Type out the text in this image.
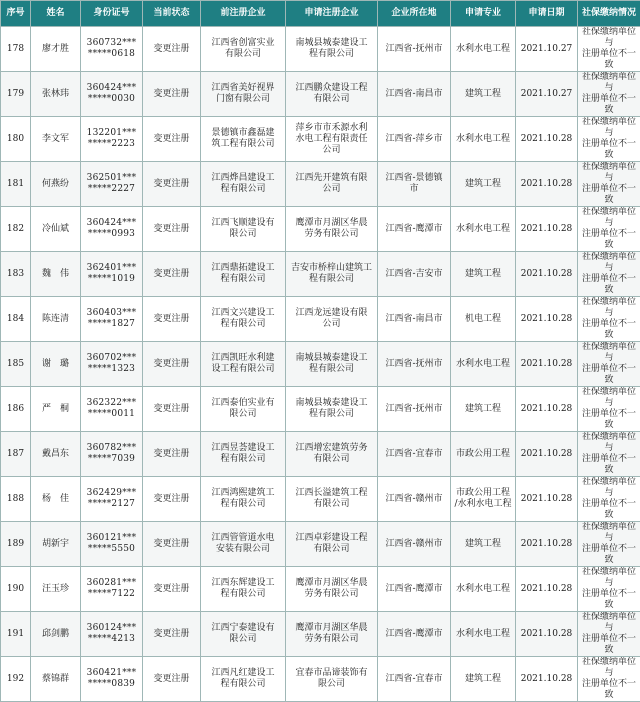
序号	姓名	身份证号	当前状态	前注册企业	申请注册企业	企业所在地	申请专业	申请日期	社保缴纳情况
178	廖才胜	360732***
*****0618	变更注册	江西省创富实业
有限公司	南城县城泰建设工
程有限公司	江西省-抚州市	水利水电工程	2021.10.27	社保缴纳单位与
注册单位不一致
179	张林玮	360424***
*****0030	变更注册	江西省美好视界
门窗有限公司	江西鹏众建设工程
有限公司	江西省-南昌市	建筑工程	2021.10.27	社保缴纳单位与
注册单位不一致
180	李文军	132201***
*****2223	变更注册	景德镇市鑫磊建
筑工程有限公司	萍乡市市禾源水利
水电工程有限责任
公司	江西省-萍乡市	水利水电工程	2021.10.28	社保缴纳单位与
注册单位不一致
181	何燕纷	362501***
*****2227	变更注册	江西烨昌建设工
程有限公司	江西先开建筑有限
公司	江西省-景德镇
市	建筑工程	2021.10.28	社保缴纳单位与
注册单位不一致
182	冷仙斌	360424***
*****0993	变更注册	江西飞顺建设有
限公司	鹰潭市月湖区华晨
劳务有限公司	江西省-鹰潭市	水利水电工程	2021.10.28	社保缴纳单位与
注册单位不一致
183	魏　伟	362401***
*****1019	变更注册	江西鼎拓建设工
程有限公司	吉安市桥梓山建筑工
程有限公司	江西省-吉安市	建筑工程	2021.10.28	社保缴纳单位与
注册单位不一致
184	陈连清	360403***
*****1827	变更注册	江西文兴建设工
程有限公司	江西龙远建设有限
公司	江西省-南昌市	机电工程	2021.10.28	社保缴纳单位与
注册单位不一致
185	谢　璐	360702***
*****1323	变更注册	江西凯旺水利建
设工程有限公司	南城县城泰建设工
程有限公司	江西省-抚州市	水利水电工程	2021.10.28	社保缴纳单位与
注册单位不一致
186	严　桐	362322***
*****0011	变更注册	江西泰伯实业有
限公司	南城县城泰建设工
程有限公司	江西省-抚州市	建筑工程	2021.10.28	社保缴纳单位与
注册单位不一致
187	戴昌东	360782***
*****7039	变更注册	江西昱荟建设工
程有限公司	江西增宏建筑劳务
有限公司	江西省-宜春市	市政公用工程	2021.10.28	社保缴纳单位与
注册单位不一致
188	杨　佳	362429***
*****2127	变更注册	江西鸿熙建筑工
程有限公司	江西长溢建筑工程
有限公司	江西省-赣州市	市政公用工程
/水利水电工程	2021.10.28	社保缴纳单位与
注册单位不一致
189	胡新宇	360121***
*****5550	变更注册	江西管管道水电
安装有限公司	江西卓彩建设工程
有限公司	江西省-赣州市	建筑工程	2021.10.28	社保缴纳单位与
注册单位不一致
190	汪玉珍	360281***
*****7122	变更注册	江西东辉建设工
程有限公司	鹰潭市月湖区华晨
劳务有限公司	江西省-鹰潭市	水利水电工程	2021.10.28	社保缴纳单位与
注册单位不一致
191	邱剑鹏	360124***
*****4213	变更注册	江西宁泰建设有
限公司	鹰潭市月湖区华晨
劳务有限公司	江西省-鹰潭市	水利水电工程	2021.10.28	社保缴纳单位与
注册单位不一致
192	蔡锦群	360421***
*****0839	变更注册	江西凡红建设工
程有限公司	宜春市品谛装饰有
限公司	江西省-宜春市	建筑工程	2021.10.28	社保缴纳单位与
注册单位不一致
